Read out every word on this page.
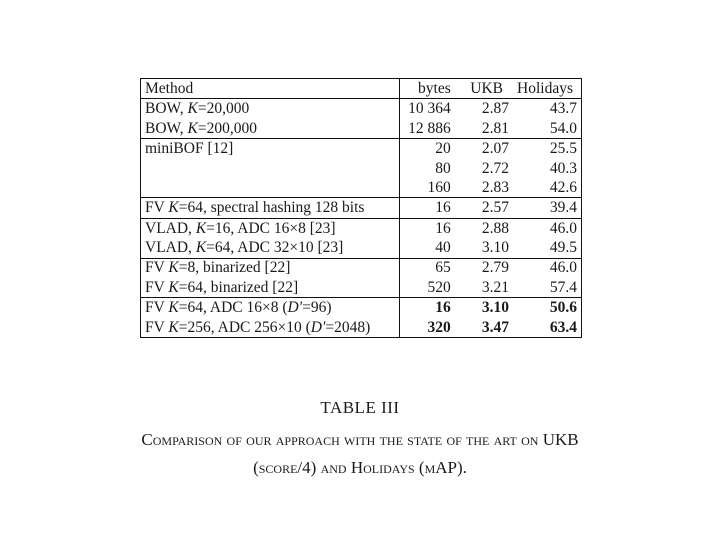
Method	bytes	UKB	Holidays
BOW, K=20,000	10 364	2.87	43.7
BOW, K=200,000	12 886	2.81	54.0
miniBOF [12]	20	2.07	25.5
	80	2.72	40.3
	160	2.83	42.6
FV K=64, spectral hashing 128 bits	16	2.57	39.4
VLAD, K=16, ADC 16×8 [23]	16	2.88	46.0
VLAD, K=64, ADC 32×10 [23]	40	3.10	49.5
FV K=8, binarized [22]	65	2.79	46.0
FV K=64, binarized [22]	520	3.21	57.4
FV K=64, ADC 16×8 (D′=96)	16	3.10	50.6
FV K=256, ADC 256×10 (D′=2048)	320	3.47	63.4
TABLE III
Comparison of our approach with the state of the art on UKB
(score/4) and Holidays (mAP).
